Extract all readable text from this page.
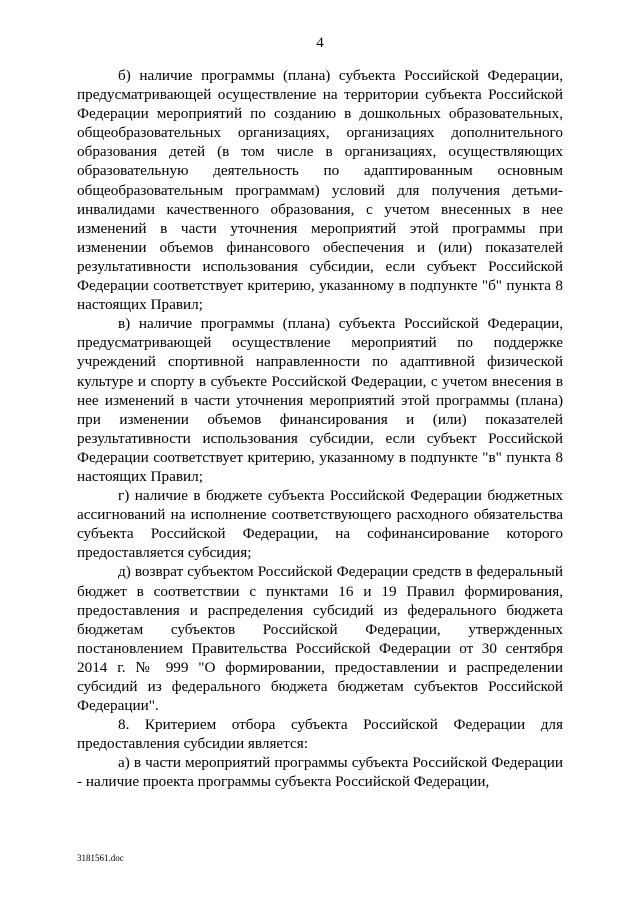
4

б) наличие программы (плана) субъекта Российской Федерации, предусматривающей осуществление на территории субъекта Российской Федерации мероприятий по созданию в дошкольных образовательных, общеобразовательных организациях, организациях дополнительного образования детей (в том числе в организациях, осуществляющих образовательную деятельность по адаптированным основным общеобразовательным программам) условий для получения детьми-инвалидами качественного образования, с учетом внесенных в нее изменений в части уточнения мероприятий этой программы при изменении объемов финансового обеспечения и (или) показателей результативности использования субсидии, если субъект Российской Федерации соответствует критерию, указанному в подпункте "б" пункта 8 настоящих Правил;

в) наличие программы (плана) субъекта Российской Федерации, предусматривающей осуществление мероприятий по поддержке учреждений спортивной направленности по адаптивной физической культуре и спорту в субъекте Российской Федерации, с учетом внесения в нее изменений в части уточнения мероприятий этой программы (плана) при изменении объемов финансирования и (или) показателей результативности использования субсидии, если субъект Российской Федерации соответствует критерию, указанному в подпункте "в" пункта 8 настоящих Правил;

г) наличие в бюджете субъекта Российской Федерации бюджетных ассигнований на исполнение соответствующего расходного обязательства субъекта Российской Федерации, на софинансирование которого предоставляется субсидия;

д) возврат субъектом Российской Федерации средств в федеральный бюджет в соответствии с пунктами 16 и 19 Правил формирования, предоставления и распределения субсидий из федерального бюджета бюджетам субъектов Российской Федерации, утвержденных постановлением Правительства Российской Федерации от 30 сентября 2014 г. № 999 "О формировании, предоставлении и распределении субсидий из федерального бюджета бюджетам субъектов Российской Федерации".

8. Критерием отбора субъекта Российской Федерации для предоставления субсидии является:

а) в части мероприятий программы субъекта Российской Федерации - наличие проекта программы субъекта Российской Федерации,

3181561.doc
